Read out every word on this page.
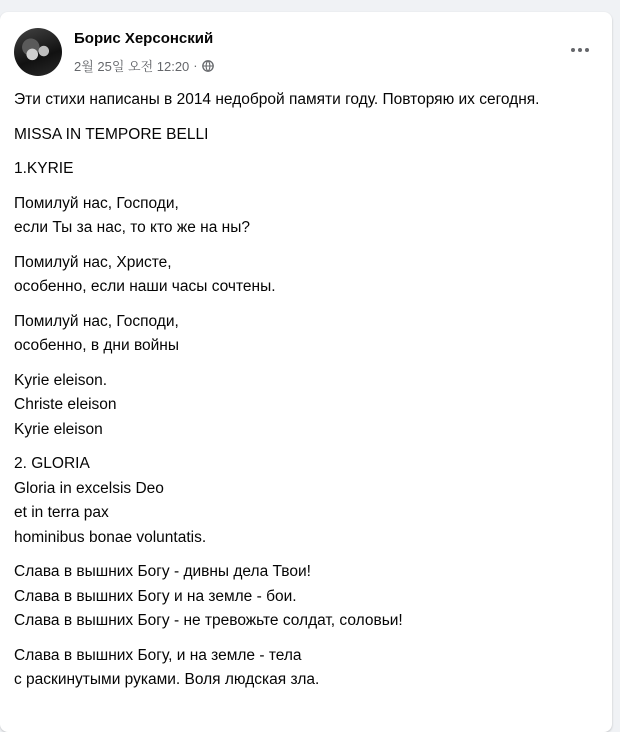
Борис Херсонский
2월 25일 오전 12:20 ·

Эти стихи написаны в 2014 недоброй памяти году. Повторяю их сегодня.

MISSA IN TEMPORE BELLI

1.KYRIE

Помилуй нас, Господи,
если Ты за нас, то кто же на ны?

Помилуй нас, Христе,
особенно, если наши часы сочтены.

Помилуй нас, Господи,
особенно, в дни войны

Kyrie eleison.
Christe eleison
Kyrie eleison

2. GLORIA
Gloria in excelsis Deo
et in terra pax
hominibus bonae voluntatis.

Слава в вышних Богу - дивны дела Твои!
Слава в вышних Богу и на земле - бои.
Слава в вышних Богу - не тревожьте солдат, соловьи!

Слава в вышних Богу, и на земле - тела
с раскинутыми руками. Воля людская зла.
